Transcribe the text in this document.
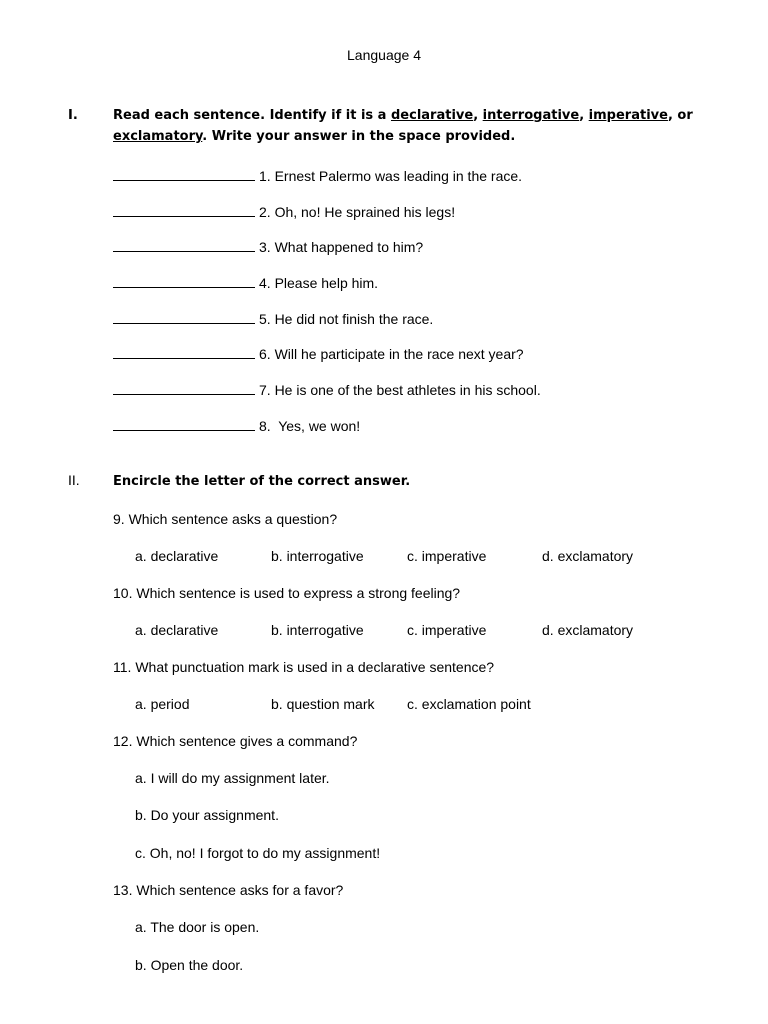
Language 4
I.	Read each sentence. Identify if it is a declarative, interrogative, imperative, or exclamatory. Write your answer in the space provided.
1. Ernest Palermo was leading in the race.
2. Oh, no! He sprained his legs!
3. What happened to him?
4. Please help him.
5. He did not finish the race.
6. Will he participate in the race next year?
7. He is one of the best athletes in his school.
8.  Yes, we won!
II.	Encircle the letter of the correct answer.
9. Which sentence asks a question?
a. declarative	b. interrogative	c. imperative	d. exclamatory
10. Which sentence is used to express a strong feeling?
a. declarative	b. interrogative	c. imperative	d. exclamatory
11. What punctuation mark is used in a declarative sentence?
a. period	b. question mark c. exclamation point
12. Which sentence gives a command?
a. I will do my assignment later.
b. Do your assignment.
c. Oh, no! I forgot to do my assignment!
13. Which sentence asks for a favor?
a. The door is open.
b. Open the door.
